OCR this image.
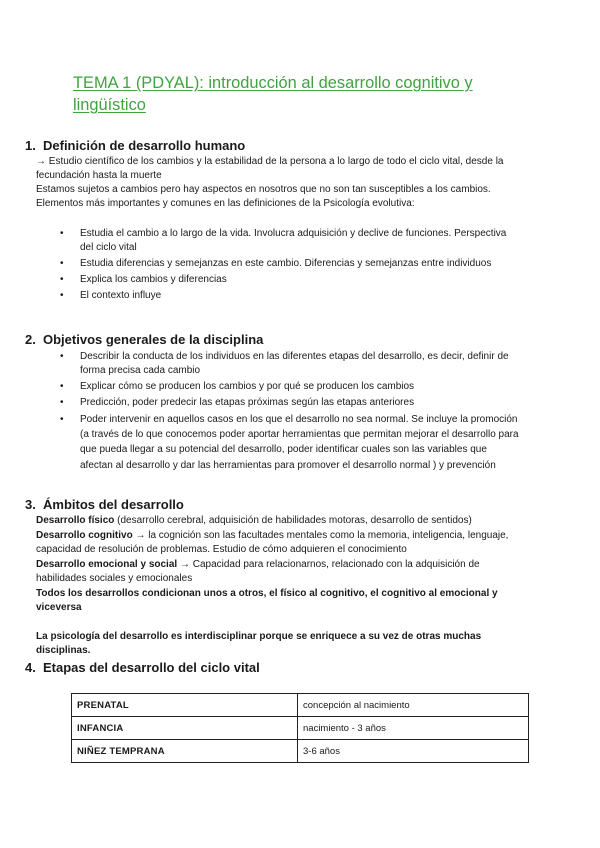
TEMA 1 (PDYAL): introducción al desarrollo cognitivo y lingüístico
1. Definición de desarrollo humano

→ Estudio científico de los cambios y la estabilidad de la persona a lo largo de todo el ciclo vital, desde la fecundación hasta la muerte

Estamos sujetos a cambios pero hay aspectos en nosotros que no son tan susceptibles a los cambios.

Elementos más importantes y comunes en las definiciones de la Psicología evolutiva:

• Estudia el cambio a lo largo de la vida. Involucra adquisición y declive de funciones. Perspectiva del ciclo vital
• Estudia diferencias y semejanzas en este cambio. Diferencias y semejanzas entre individuos
• Explica los cambios y diferencias
• El contexto influye
2. Objetivos generales de la disciplina
• Describir la conducta de los individuos en las diferentes etapas del desarrollo, es decir, definir de forma precisa cada cambio
• Explicar cómo se producen los cambios y por qué se producen los cambios
• Predicción, poder predecir las etapas próximas según las etapas anteriores
• Poder intervenir en aquellos casos en los que el desarrollo no sea normal. Se incluye la promoción (a través de lo que conocemos poder aportar herramientas que permitan mejorar el desarrollo para que pueda llegar a su potencial del desarrollo, poder identificar cuales son las variables que afectan al desarrollo y dar las herramientas para promover el desarrollo normal ) y prevención
3. Ámbitos del desarrollo

Desarrollo físico (desarrollo cerebral, adquisición de habilidades motoras, desarrollo de sentidos)

Desarrollo cognitivo → la cognición son las facultades mentales como la memoria, inteligencia, lenguaje, capacidad de resolución de problemas. Estudio de cómo adquieren el conocimiento

Desarrollo emocional y social → Capacidad para relacionarnos, relacionado con la adquisición de habilidades sociales y emocionales

Todos los desarrollos condicionan unos a otros, el físico al cognitivo, el cognitivo al emocional y viceversa

La psicología del desarrollo es interdisciplinar porque se enriquece a su vez de otras muchas disciplinas.

4. Etapas del desarrollo del ciclo vital
PRENATAL	concepción al nacimiento
INFANCIA	nacimiento - 3 años
NIÑEZ TEMPRANA	3-6 años
